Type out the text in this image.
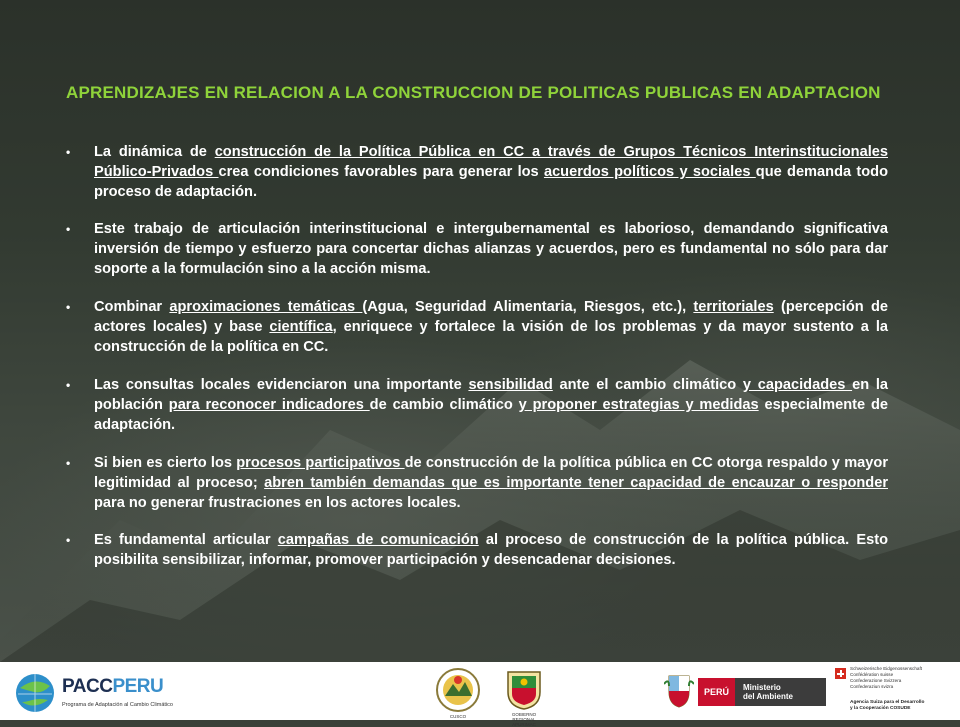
APRENDIZAJES EN RELACION A LA CONSTRUCCION DE POLITICAS PUBLICAS EN ADAPTACION
• La dinámica de construcción de la Política Pública en CC a través de Grupos Técnicos Interinstitucionales Público-Privados crea condiciones favorables para generar los acuerdos políticos y sociales que demanda todo proceso de adaptación.
• Este trabajo de articulación interinstitucional e intergubernamental es laborioso, demandando significativa inversión de tiempo y esfuerzo para concertar dichas alianzas y acuerdos, pero es fundamental no sólo para dar soporte a la formulación sino a la acción misma.
• Combinar aproximaciones temáticas (Agua, Seguridad Alimentaria, Riesgos, etc.), territoriales (percepción de actores locales) y base científica, enriquece y fortalece la visión de los problemas y da mayor sustento a la construcción de la política en CC.
• Las consultas locales evidenciaron una importante sensibilidad ante el cambio climático y capacidades en la población para reconocer indicadores de cambio climático y proponer estrategias y medidas especialmente de adaptación.
• Si bien es cierto los procesos participativos de construcción de la política pública en CC otorga respaldo y mayor legitimidad al proceso; abren también demandas que es importante tener capacidad de encauzar o responder para no generar frustraciones en los actores locales.
• Es fundamental articular campañas de comunicación al proceso de construcción de la política pública. Esto posibilita sensibilizar, informar, promover participación y desencadenar decisiones.
PACCPERU
Programa de Adaptación al Cambio Climático
CUSCO	GOBIERNO REGIONAL
APURIMAC
PERÚ	Ministerio
del Ambiente
Schweizerische Eidgenossenschaft
Confédération suisse
Confederazione Svizzera
Confederaziun svizra
Agencia Suiza para el Desarrollo
y la Cooperación COSUDE
